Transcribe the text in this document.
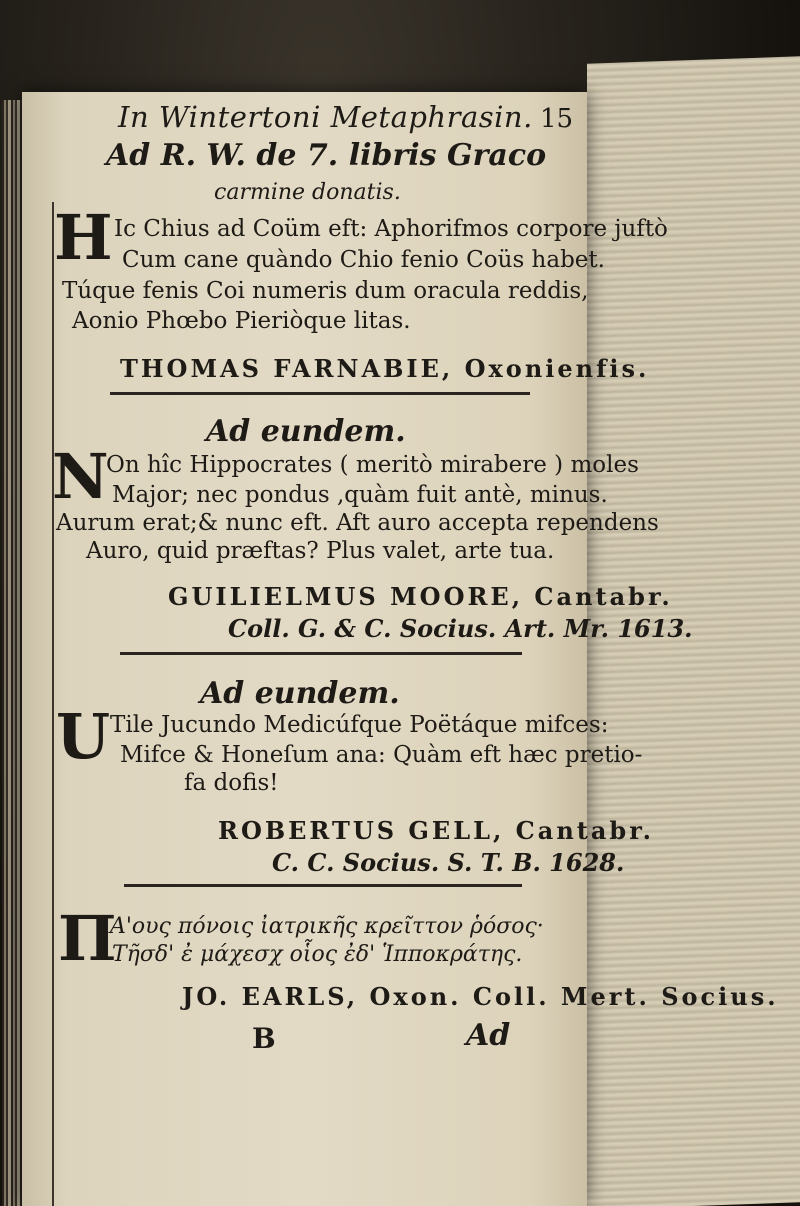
In Wintertoni Metaphrasin. 15
Ad R. W. de 7. libris Graco
carmine donatis.
H Ic Chius ad Coüm eft: Aphorifmos corpore juftò
Cum cane quàndo Chio fenio Coüs habet.
Túque fenis Coi numeris dum oracula reddis,
Aonio Phœbo Pieriòque litas.
THOMAS FARNABIE, Oxonienfis.
Ad eundem.
N
On hîc Hippocrates ( meritò mirabere ) moles
Major; nec pondus ,quàm fuit antè, minus.
Aurum erat;& nunc eft. Aft auro accepta rependens
Auro, quid præftas? Plus valet, arte tua.
GUILIELMUS MOORE, Cantabr.
Coll. G. & C. Socius. Art. Mr. 1613.
Ad eundem.
U Tile Jucundo Medicúfque Poëtáque mifces:
Mifce & Honeſum ana: Quàm eft hæc pretio-
fa dofis!
ROBERTUS GELL, Cantabr.
C. C. Socius. S. T. B. 1628.
Π
Α'ους πόνοις ἰατρικῆς κρεῖττον ῥόσος·
Tῆσδ' ἐ μάχεσχ οἷος ἐδ' Ἱπποκράτης.
JO. EARLS, Oxon. Coll. Mert. Socius.
B	Ad
